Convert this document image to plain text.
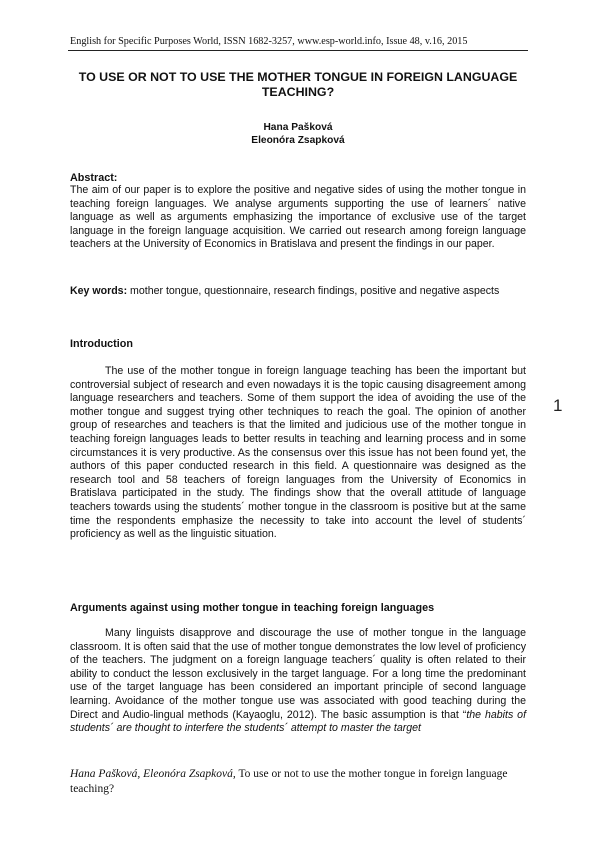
English for Specific Purposes World, ISSN 1682-3257, www.esp-world.info, Issue 48, v.16, 2015
TO USE OR NOT TO USE THE MOTHER TONGUE IN FOREIGN LANGUAGE TEACHING?
Hana Pašková
Eleonóra Zsapková
Abstract:

The aim of our paper is to explore the positive and negative sides of using the mother tongue in teaching foreign languages. We analyse arguments supporting the use of learners´ native language as well as arguments emphasizing the importance of exclusive use of the target language in the foreign language acquisition. We carried out research among foreign language teachers at the University of Economics in Bratislava and present the findings in our paper.

Key words: mother tongue, questionnaire, research findings, positive and negative aspects

Introduction

The use of the mother tongue in foreign language teaching has been the important but controversial subject of research and even nowadays it is the topic causing disagreement among language researchers and teachers. Some of them support the idea of avoiding the use of the mother tongue and suggest trying other techniques to reach the goal. The opinion of another group of researches and teachers is that the limited and judicious use of the mother tongue in teaching foreign languages leads to better results in teaching and learning process and in some circumstances it is very productive. As the consensus over this issue has not been found yet, the authors of this paper conducted research in this field. A questionnaire was designed as the research tool and 58 teachers of foreign languages from the University of Economics in Bratislava participated in the study. The findings show that the overall attitude of language teachers towards using the students´ mother tongue in the classroom is positive but at the same time the respondents emphasize the necessity to take into account the level of students´ proficiency as well as the linguistic situation.

1
Arguments against using mother tongue in teaching foreign languages

Many linguists disapprove and discourage the use of mother tongue in the language classroom. It is often said that the use of mother tongue demonstrates the low level of proficiency of the teachers. The judgment on a foreign language teachers´ quality is often related to their ability to conduct the lesson exclusively in the target language. For a long time the predominant use of the target language has been considered an important principle of second language learning. Avoidance of the mother tongue use was associated with good teaching during the Direct and Audio-lingual methods (Kayaoglu, 2012). The basic assumption is that “the habits of students´ are thought to interfere the students´ attempt to master the target

Hana Pašková, Eleonóra Zsapková, To use or not to use the mother tongue in foreign language teaching?
